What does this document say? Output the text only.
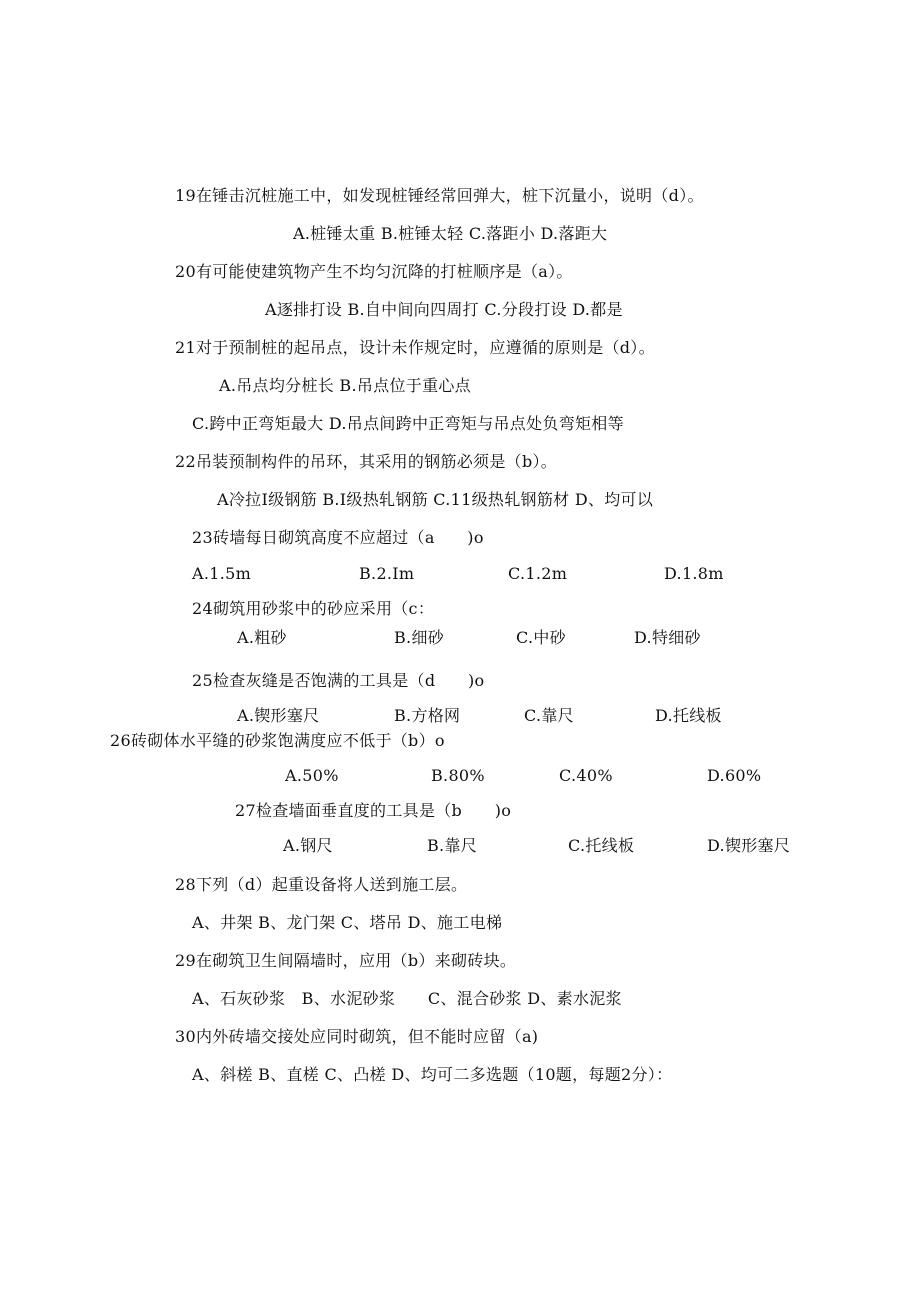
19在锤击沉桩施工中，如发现桩锤经常回弹大，桩下沉量小，说明（d）。
A.桩锤太重 B.桩锤太轻 C.落距小 D.落距大
20有可能使建筑物产生不均匀沉降的打桩顺序是（a）。
A逐排打设 B.自中间向四周打 C.分段打设 D.都是
21对于预制桩的起吊点，设计未作规定时，应遵循的原则是（d）。
A.吊点均分桩长 B.吊点位于重心点
C.跨中正弯矩最大 D.吊点间跨中正弯矩与吊点处负弯矩相等
22吊装预制构件的吊环，其采用的钢筋必须是（b）。
A冷拉I级钢筋 B.I级热轧钢筋 C.11级热轧钢筋材 D、均可以
23砖墙每日砌筑高度不应超过（a　　)o
A.1.5m	B.2.Im	C.1.2m	D.1.8m
24砌筑用砂浆中的砂应采用（c：
A.粗砂	B.细砂	C.中砂	D.特细砂
25检查灰缝是否饱满的工具是（d　　)o
A.锲形塞尺	B.方格网	C.靠尺	D.托线板
26砖砌体水平缝的砂浆饱满度应不低于（b）o
A.50%	B.80%	C.40%	D.60%
27检查墙面垂直度的工具是（b　　)o
A.钢尺	B.靠尺	C.托线板	D.锲形塞尺
28下列（d）起重设备将人送到施工层。
A、井架 B、龙门架 C、塔吊 D、施工电梯
29在砌筑卫生间隔墙时，应用（b）来砌砖块。
A、石灰砂浆　B、水泥砂浆　　C、混合砂浆 D、素水泥浆
30内外砖墙交接处应同时砌筑，但不能时应留（a)
A、斜槎 B、直槎 C、凸槎 D、均可二多选题（10题，每题2分）：
